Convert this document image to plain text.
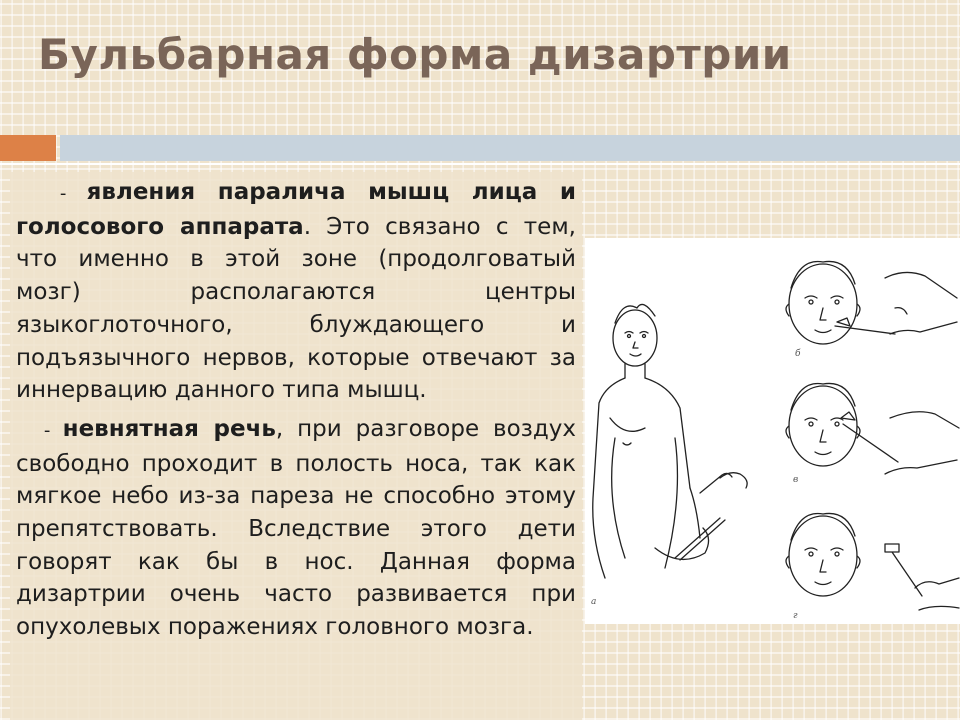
Бульбарная форма дизартрии

- явления паралича мышц лица и голосового аппарата. Это связано с тем, что именно в этой зоне (продолговатый мозг) располагаются центры языкоглоточного, блуждающего и подъязычного нервов, которые отвечают за иннервацию данного типа мышц.

- невнятная речь, при разговоре воздух свободно проходит в полость носа, так как мягкое небо из-за пареза не способно этому препятствовать. Вследствие этого дети говорят как бы в нос. Данная форма дизартрии очень часто развивается при опухолевых поражениях головного мозга.

а
б
в
г
